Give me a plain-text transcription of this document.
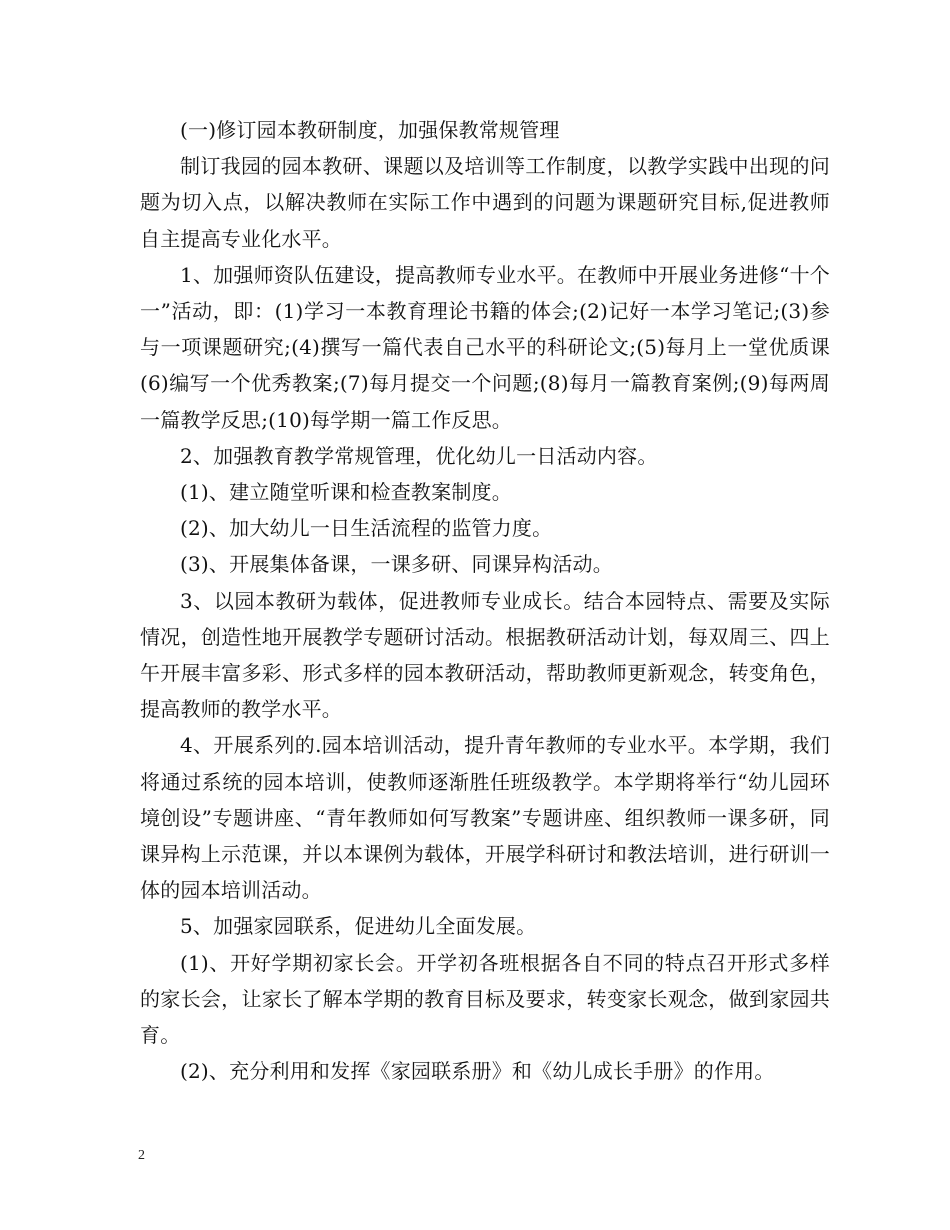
(一)修订园本教研制度，加强保教常规管理

制订我园的园本教研、课题以及培训等工作制度，以教学实践中出现的问题为切入点，以解决教师在实际工作中遇到的问题为课题研究目标,促进教师自主提高专业化水平。

1、加强师资队伍建设，提高教师专业水平。在教师中开展业务进修“十个一”活动，即：(1)学习一本教育理论书籍的体会;(2)记好一本学习笔记;(3)参与一项课题研究;(4)撰写一篇代表自己水平的科研论文;(5)每月上一堂优质课(6)编写一个优秀教案;(7)每月提交一个问题;(8)每月一篇教育案例;(9)每两周一篇教学反思;(10)每学期一篇工作反思。

2、加强教育教学常规管理，优化幼儿一日活动内容。

(1)、建立随堂听课和检查教案制度。

(2)、加大幼儿一日生活流程的监管力度。

(3)、开展集体备课，一课多研、同课异构活动。

3、以园本教研为载体，促进教师专业成长。结合本园特点、需要及实际情况，创造性地开展教学专题研讨活动。根据教研活动计划，每双周三、四上午开展丰富多彩、形式多样的园本教研活动，帮助教师更新观念，转变角色，提高教师的教学水平。

4、开展系列的.园本培训活动，提升青年教师的专业水平。本学期，我们将通过系统的园本培训，使教师逐渐胜任班级教学。本学期将举行“幼儿园环境创设”专题讲座、“青年教师如何写教案”专题讲座、组织教师一课多研，同课异构上示范课，并以本课例为载体，开展学科研讨和教法培训，进行研训一体的园本培训活动。

5、加强家园联系，促进幼儿全面发展。

(1)、开好学期初家长会。开学初各班根据各自不同的特点召开形式多样的家长会，让家长了解本学期的教育目标及要求，转变家长观念，做到家园共育。

(2)、充分利用和发挥《家园联系册》和《幼儿成长手册》的作用。

2
